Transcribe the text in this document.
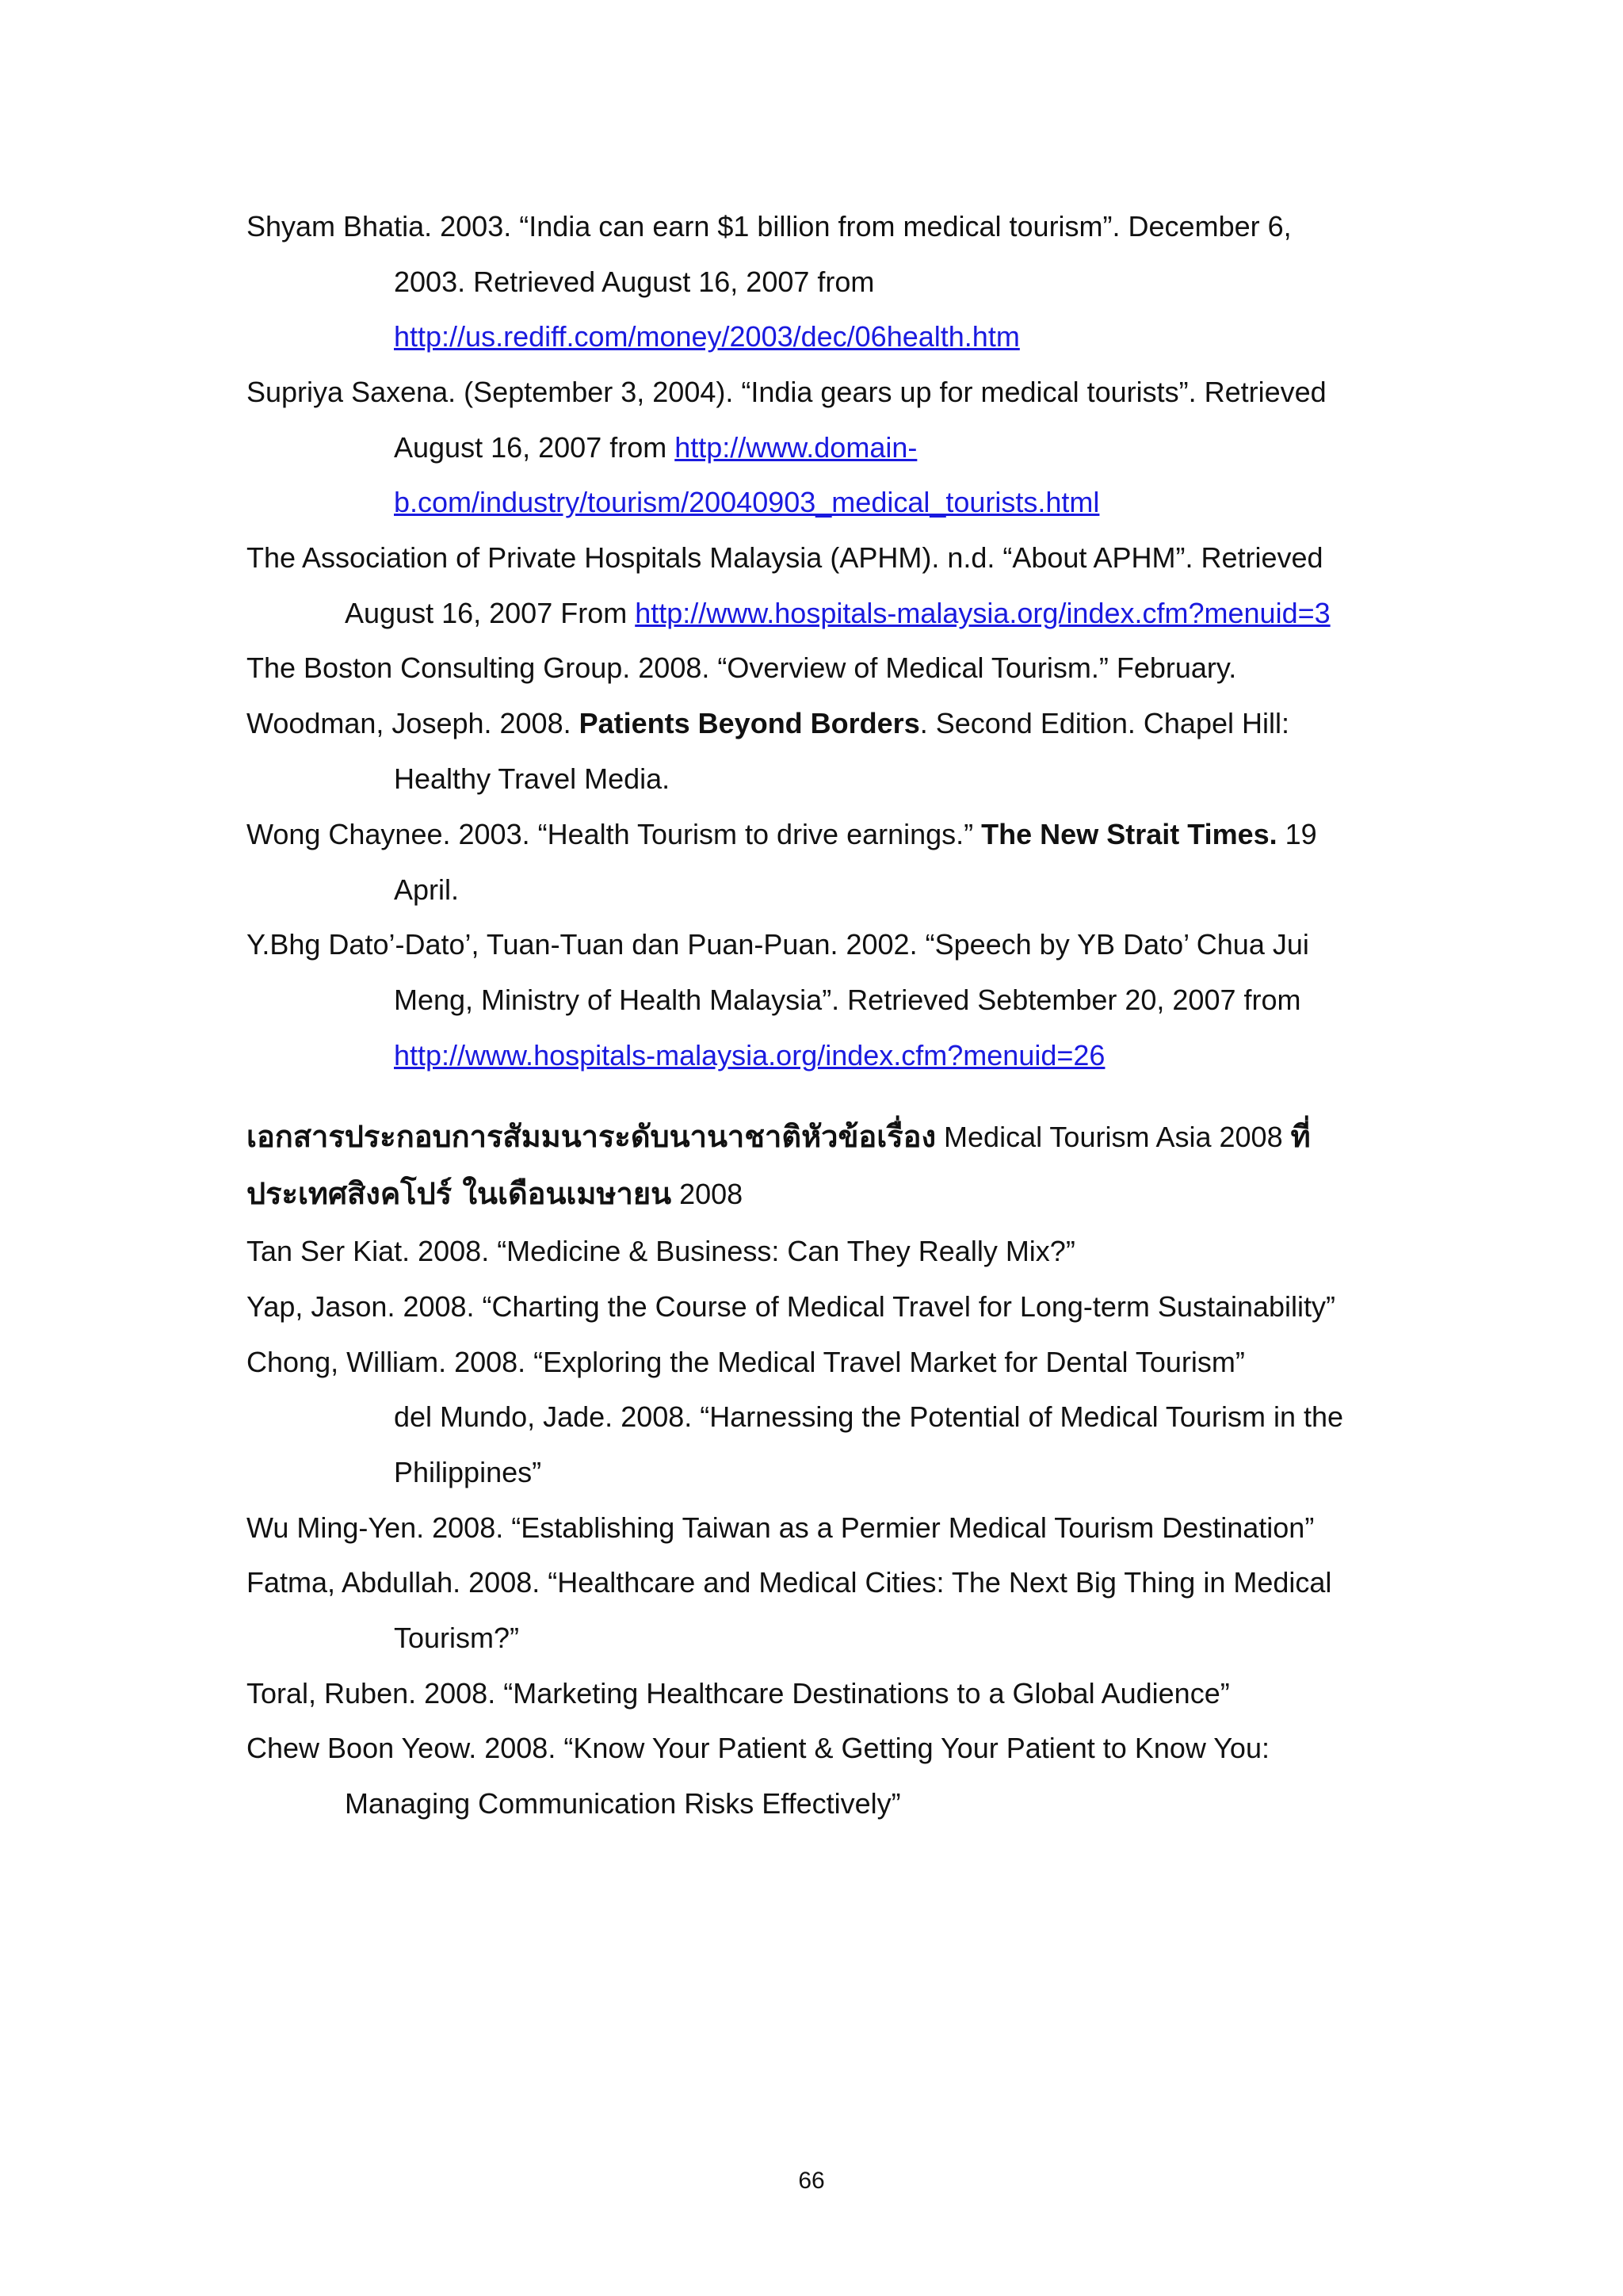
Shyam Bhatia. 2003. “India can earn $1 billion from medical tourism”. December 6,
2003. Retrieved August 16, 2007 from
http://us.rediff.com/money/2003/dec/06health.htm
Supriya Saxena. (September 3, 2004). “India gears up for medical tourists”. Retrieved
August 16, 2007 from http://www.domain-
b.com/industry/tourism/20040903_medical_tourists.html
The Association of Private Hospitals Malaysia (APHM). n.d. “About APHM”. Retrieved
August 16, 2007 From http://www.hospitals-malaysia.org/index.cfm?menuid=3
The Boston Consulting Group. 2008. “Overview of Medical Tourism.” February.
Woodman, Joseph. 2008. Patients Beyond Borders. Second Edition. Chapel Hill:
Healthy Travel Media.
Wong Chaynee. 2003. “Health Tourism to drive earnings.” The New Strait Times. 19
April.
Y.Bhg Dato’-Dato’, Tuan-Tuan dan Puan-Puan. 2002. “Speech by YB Dato’ Chua Jui
Meng, Ministry of Health Malaysia”. Retrieved Sebtember 20, 2007 from
http://www.hospitals-malaysia.org/index.cfm?menuid=26
เอกสารประกอบการสัมมนาระดับนานาชาติหัวข้อเรื่อง Medical Tourism Asia 2008 ที่
ประเทศสิงคโปร์ ในเดือนเมษายน 2008
Tan Ser Kiat. 2008. “Medicine & Business: Can They Really Mix?”
Yap, Jason. 2008. “Charting the Course of Medical Travel for Long-term Sustainability”
Chong, William. 2008. “Exploring the Medical Travel Market for Dental Tourism”
del Mundo, Jade. 2008. “Harnessing the Potential of Medical Tourism in the
Philippines”
Wu Ming-Yen. 2008. “Establishing Taiwan as a Permier Medical Tourism Destination”
Fatma, Abdullah. 2008. “Healthcare and Medical Cities: The Next Big Thing in Medical
Tourism?”
Toral, Ruben. 2008. “Marketing Healthcare Destinations to a Global Audience”
Chew Boon Yeow. 2008. “Know Your Patient & Getting Your Patient to Know You:
Managing Communication Risks Effectively”
66
